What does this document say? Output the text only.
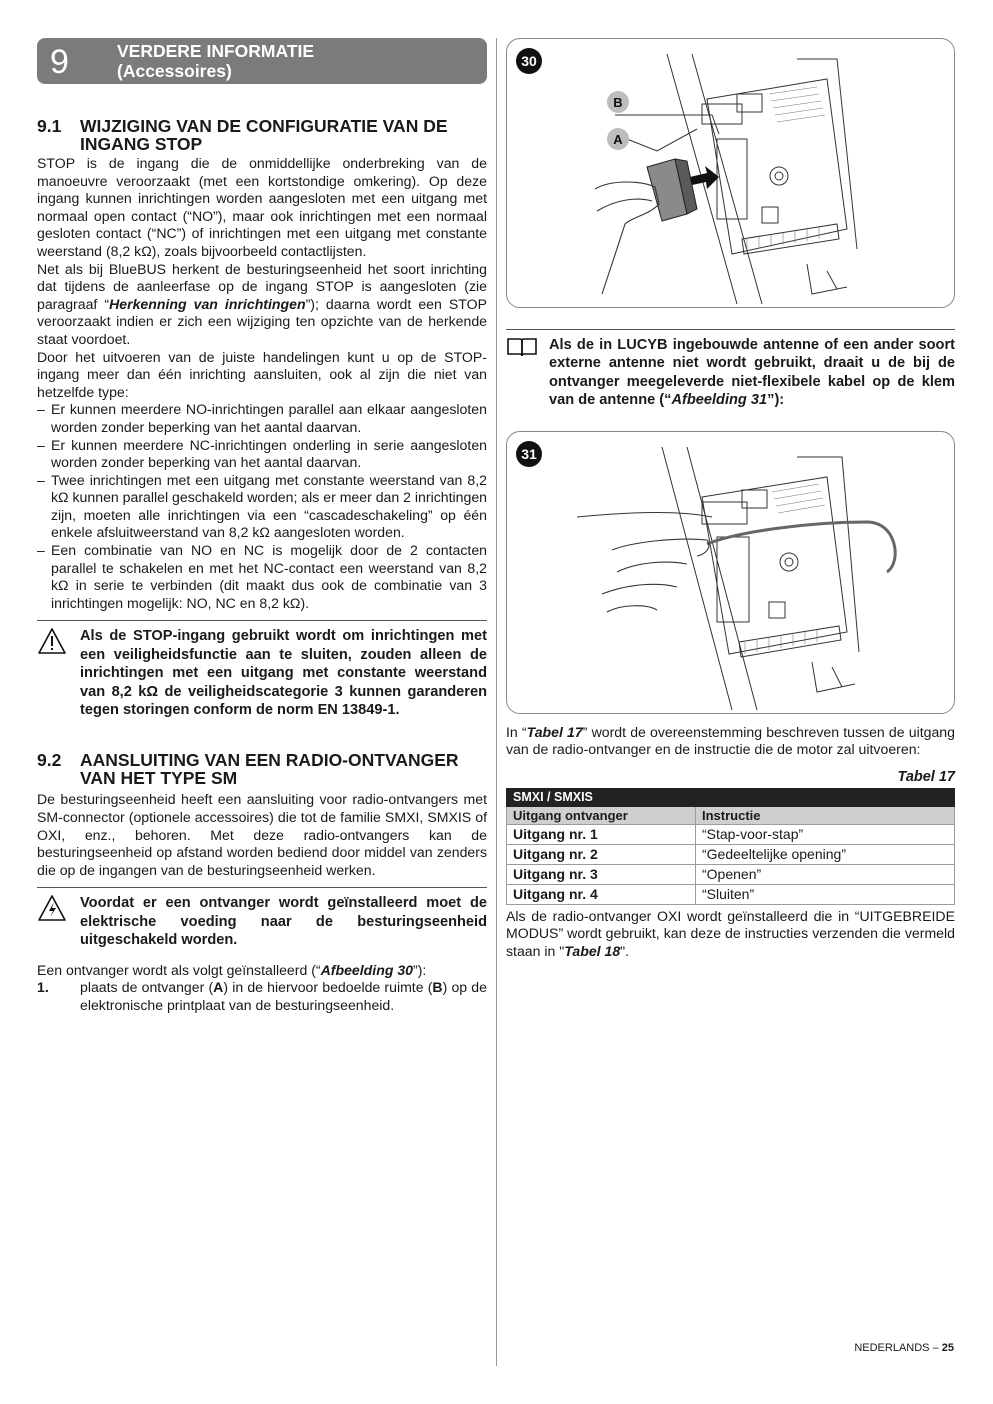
9	VERDERE INFORMATIE
(Accessoires)
9.1	WIJZIGING VAN DE CONFIGURATIE VAN DE
INGANG STOP

STOP is de ingang die de onmiddellijke onderbreking van de manoeuvre veroorzaakt (met een kortstondige omkering). Op deze ingang kunnen inrichtingen worden aangesloten met een uitgang met normaal open contact (“NO”), maar ook inrichtingen met een normaal gesloten contact (“NC”) of inrichtingen met een uitgang met constante weerstand (8,2 kΩ), zoals bijvoorbeeld contactlijsten.

Net als bij BlueBUS herkent de besturingseenheid het soort inrichting dat tijdens de aanleerfase op de ingang STOP is aangesloten (zie paragraaf “Herkenning van inrichtingen”); daarna wordt een STOP veroorzaakt indien er zich een wijziging ten opzichte van de herkende staat voordoet.

Door het uitvoeren van de juiste handelingen kunt u op de STOP-ingang meer dan één inrichting aansluiten, ook al zijn die niet van hetzelfde type:

– Er kunnen meerdere NO-inrichtingen parallel aan elkaar aangesloten worden zonder beperking van het aantal daarvan.
– Er kunnen meerdere NC-inrichtingen onderling in serie aangesloten worden zonder beperking van het aantal daarvan.
– Twee inrichtingen met een uitgang met constante weerstand van 8,2 kΩ kunnen parallel geschakeld worden; als er meer dan 2 inrichtingen zijn, moeten alle inrichtingen via een “cascadeschakeling” op één enkele afsluitweerstand van 8,2 kΩ aangesloten worden.
– Een combinatie van NO en NC is mogelijk door de 2 contacten parallel te schakelen en met het NC-contact een weerstand van 8,2 kΩ in serie te verbinden (dit maakt dus ook de combinatie van 3 inrichtingen mogelijk: NO, NC en 8,2 kΩ).
Als de STOP-ingang gebruikt wordt om inrichtingen met een veiligheidsfunctie aan te sluiten, zouden alleen de inrichtingen met een uitgang met constante weerstand van 8,2 kΩ de veiligheidscategorie 3 kunnen garanderen tegen storingen conform de norm EN 13849-1.
9.2	AANSLUITING VAN EEN RADIO-ONTVANGER
VAN HET TYPE SM

De besturingseenheid heeft een aansluiting voor radio-ontvangers met SM-connector (optionele accessoires) die tot de familie SMXI, SMXIS of OXI, enz., behoren. Met deze radio-ontvangers kan de besturingseenheid op afstand worden bediend door middel van zenders die op de ingangen van de besturingseenheid werken.

Voordat er een ontvanger wordt geïnstalleerd moet de elektrische voeding naar de besturingseenheid uitgeschakeld worden.

Een ontvanger wordt als volgt geïnstalleerd (“Afbeelding 30”):

1.	plaats de ontvanger (A) in de hiervoor bedoelde ruimte (B) op de elektronische printplaat van de besturingseenheid.
30
B
A
Als de in LUCYB ingebouwde antenne of een ander soort externe antenne niet wordt gebruikt, draait u de bij de ontvanger meegeleverde niet-flexibele kabel op de klem van de antenne (“Afbeelding 31”):
31

In “Tabel 17” wordt de overeenstemming beschreven tussen de uitgang van de radio-ontvanger en de instructie die de motor zal uitvoeren:

Tabel 17
SMXI / SMXIS	
Uitgang ontvanger	Instructie
Uitgang nr. 1	“Stap-voor-stap”
Uitgang nr. 2	“Gedeeltelijke opening”
Uitgang nr. 3	“Openen”
Uitgang nr. 4	“Sluiten”

Als de radio-ontvanger OXI wordt geïnstalleerd die in “UITGEBREIDE MODUS” wordt gebruikt, kan deze de instructies verzenden die vermeld staan in "Tabel 18".

NEDERLANDS – 25
